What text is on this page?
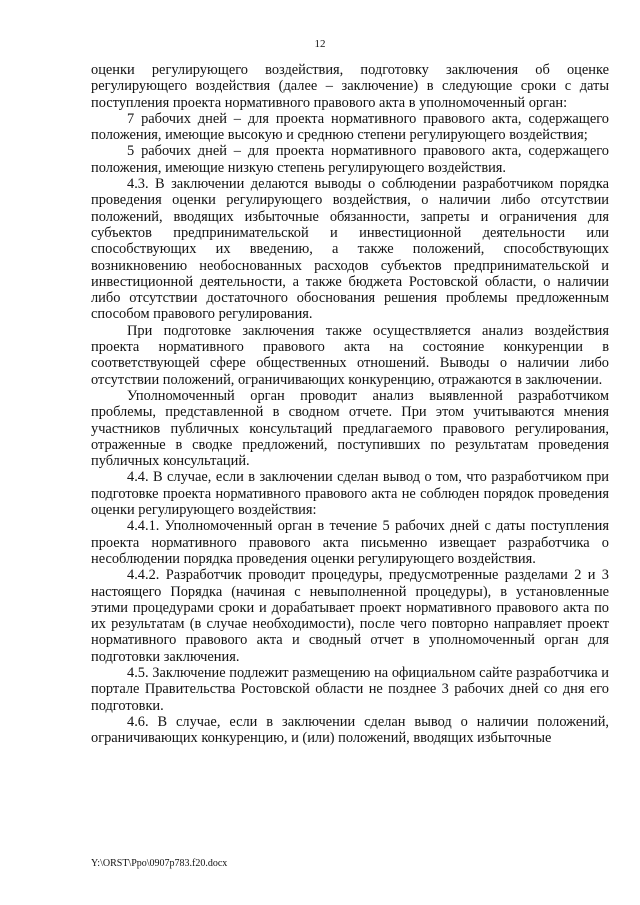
12

оценки регулирующего воздействия, подготовку заключения об оценке регулирующего воздействия (далее – заключение) в следующие сроки с даты поступления проекта нормативного правового акта в уполномоченный орган:

7 рабочих дней – для проекта нормативного правового акта, содержащего положения, имеющие высокую и среднюю степени регулирующего воздействия;

5 рабочих дней – для проекта нормативного правового акта, содержащего положения, имеющие низкую степень регулирующего воздействия.

4.3. В заключении делаются выводы о соблюдении разработчиком порядка проведения оценки регулирующего воздействия, о наличии либо отсутствии положений, вводящих избыточные обязанности, запреты и ограничения для субъектов предпринимательской и инвестиционной деятельности или способствующих их введению, а также положений, способствующих возникновению необоснованных расходов субъектов предпринимательской и инвестиционной деятельности, а также бюджета Ростовской области, о наличии либо отсутствии достаточного обоснования решения проблемы предложенным способом правового регулирования.

При подготовке заключения также осуществляется анализ воздействия проекта нормативного правового акта на состояние конкуренции в соответствующей сфере общественных отношений. Выводы о наличии либо отсутствии положений, ограничивающих конкуренцию, отражаются в заключении.

Уполномоченный орган проводит анализ выявленной разработчиком проблемы, представленной в сводном отчете. При этом учитываются мнения участников публичных консультаций предлагаемого правового регулирования, отраженные в сводке предложений, поступивших по результатам проведения публичных консультаций.

4.4. В случае, если в заключении сделан вывод о том, что разработчиком при подготовке проекта нормативного правового акта не соблюден порядок проведения оценки регулирующего воздействия:

4.4.1. Уполномоченный орган в течение 5 рабочих дней с даты поступления проекта нормативного правового акта письменно извещает разработчика о несоблюдении порядка проведения оценки регулирующего воздействия.

4.4.2. Разработчик проводит процедуры, предусмотренные разделами 2 и 3 настоящего Порядка (начиная с невыполненной процедуры), в установленные этими процедурами сроки и дорабатывает проект нормативного правового акта по их результатам (в случае необходимости), после чего повторно направляет проект нормативного правового акта и сводный отчет в уполномоченный орган для подготовки заключения.

4.5. Заключение подлежит размещению на официальном сайте разработчика и портале Правительства Ростовской области не позднее 3 рабочих дней со дня его подготовки.

4.6. В случае, если в заключении сделан вывод о наличии положений, ограничивающих конкуренцию, и (или) положений, вводящих избыточные

Y:\ORST\Ppo\0907p783.f20.docx
